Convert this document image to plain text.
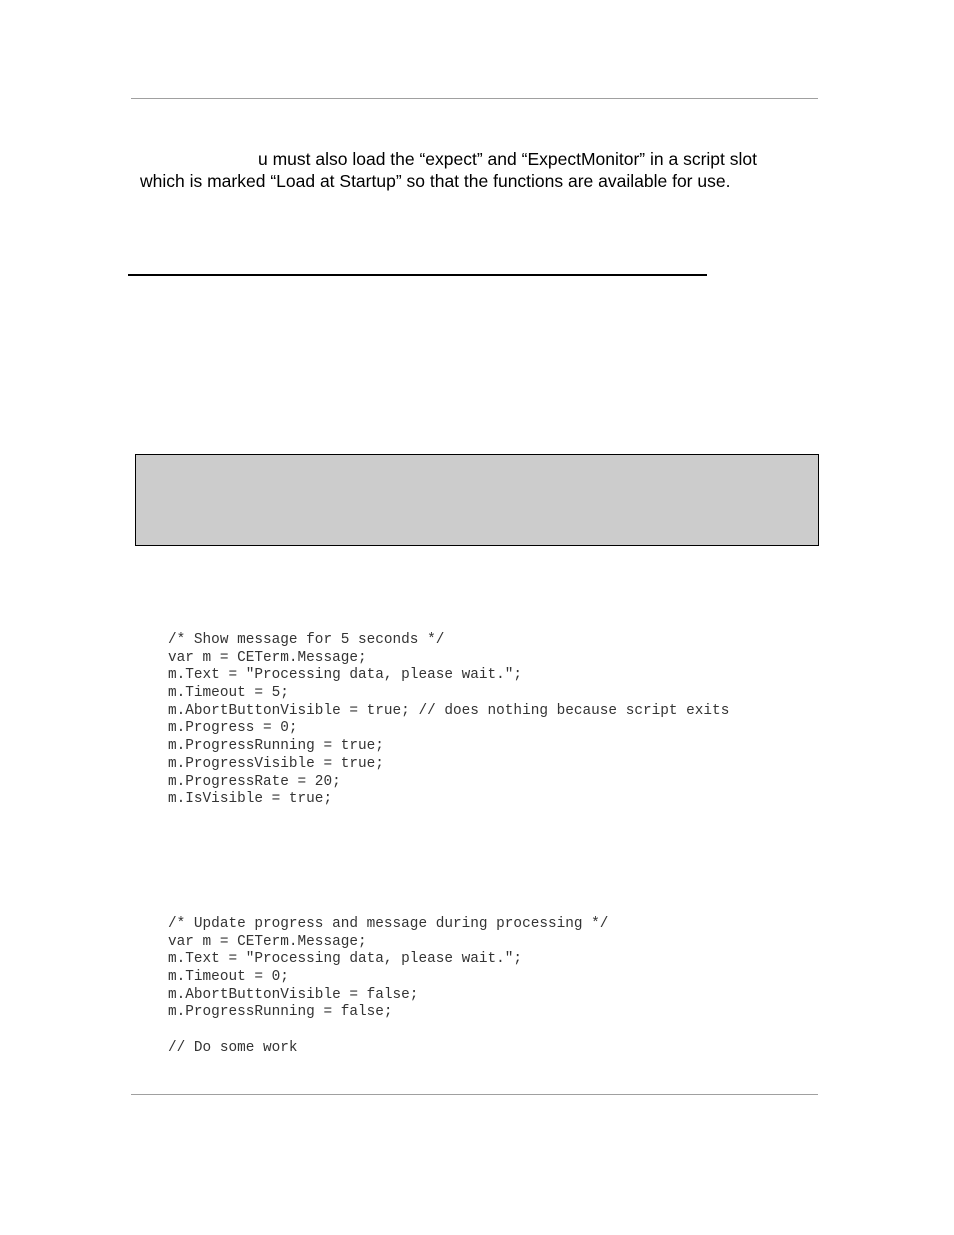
u must also load the “expect” and “ExpectMonitor” in a script slot
which is marked “Load at Startup” so that the functions are available for use.
/* Show message for 5 seconds */
var m = CETerm.Message;
m.Text = "Processing data, please wait.";
m.Timeout = 5;
m.AbortButtonVisible = true; // does nothing because script exits
m.Progress = 0;
m.ProgressRunning = true;
m.ProgressVisible = true;
m.ProgressRate = 20;
m.IsVisible = true;
/* Update progress and message during processing */
var m = CETerm.Message;
m.Text = "Processing data, please wait.";
m.Timeout = 0;
m.AbortButtonVisible = false;
m.ProgressRunning = false;
// Do some work
